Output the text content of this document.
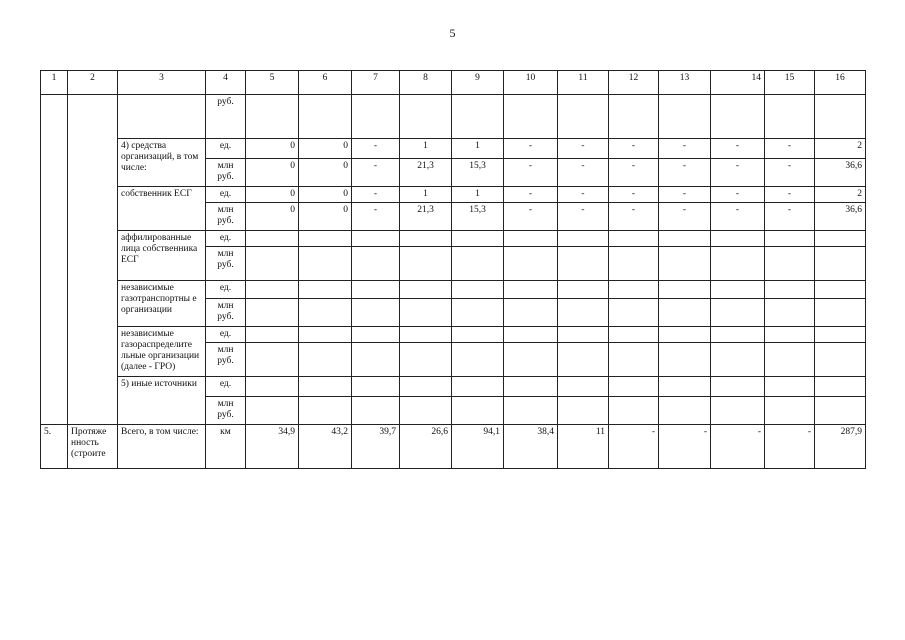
5
1	2	3	4	5	6	7	8	9	10	11	12	13	14	15	16
			руб.												
		4) средства организаций, в том числе:	ед.	0	0	-	1	1	-	-	-	-	-	-	2
			млн руб.	0	0	-	21,3	15,3	-	-	-	-	-	-	36,6
		собственник ЕСГ	ед.	0	0	-	1	1	-	-	-	-	-	-	2
			млн руб.	0	0	-	21,3	15,3	-	-	-	-	-	-	36,6
		аффилированные лица собственника ЕСГ	ед.												
			млн руб.												
		независимые газотранспортны е организации	ед.												
			млн руб.												
		независимые газораспределите льные организации (далее - ГРО)	ед.												
			млн руб.												
		5) иные источники	ед.												
			млн руб.												
5.	Протяже нность (строите	Всего, в том числе:	км	34,9	43,2	39,7	26,6	94,1	38,4	11	-	-	-	-	287,9
